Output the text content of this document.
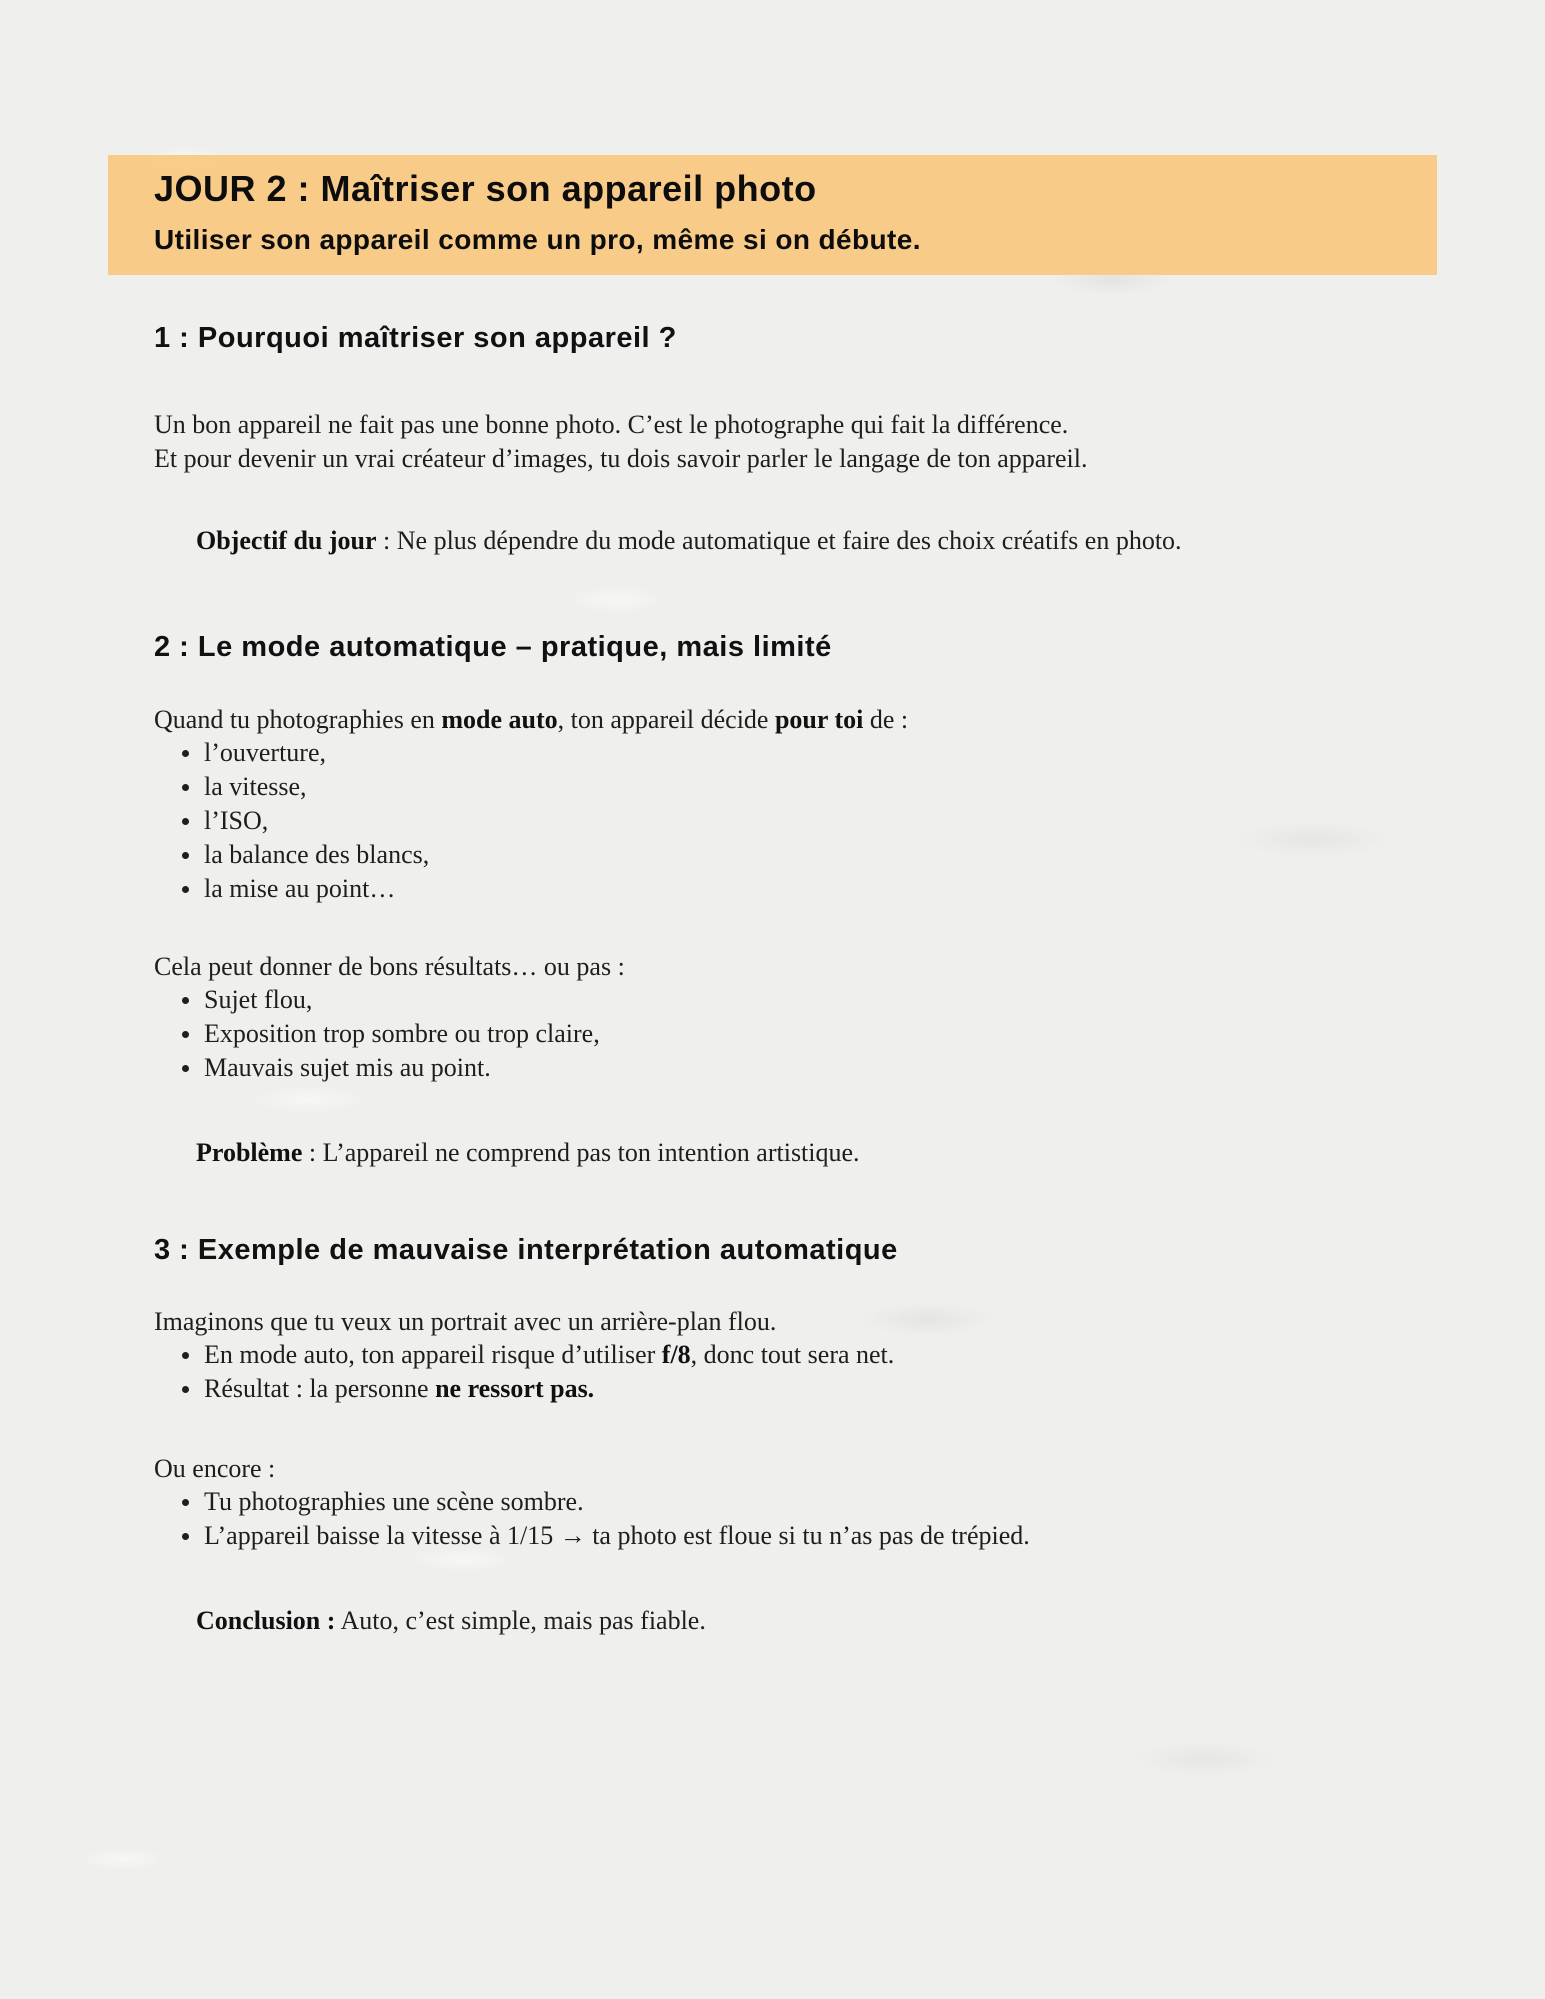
JOUR 2 : Maîtriser son appareil photo
Utiliser son appareil comme un pro, même si on débute.
1 : Pourquoi maîtriser son appareil ?

Un bon appareil ne fait pas une bonne photo. C’est le photographe qui fait la différence.
Et pour devenir un vrai créateur d’images, tu dois savoir parler le langage de ton appareil.

Objectif du jour : Ne plus dépendre du mode automatique et faire des choix créatifs en photo.

2 : Le mode automatique – pratique, mais limité

Quand tu photographies en mode auto, ton appareil décide pour toi de :

l’ouverture,
la vitesse,
l’ISO,
la balance des blancs,
la mise au point…

Cela peut donner de bons résultats… ou pas :

Sujet flou,
Exposition trop sombre ou trop claire,
Mauvais sujet mis au point.

Problème : L’appareil ne comprend pas ton intention artistique.

3 : Exemple de mauvaise interprétation automatique

Imaginons que tu veux un portrait avec un arrière-plan flou.

En mode auto, ton appareil risque d’utiliser f/8, donc tout sera net.
Résultat : la personne ne ressort pas.

Ou encore :

Tu photographies une scène sombre.
L’appareil baisse la vitesse à 1/15 → ta photo est floue si tu n’as pas de trépied.

Conclusion : Auto, c’est simple, mais pas fiable.
